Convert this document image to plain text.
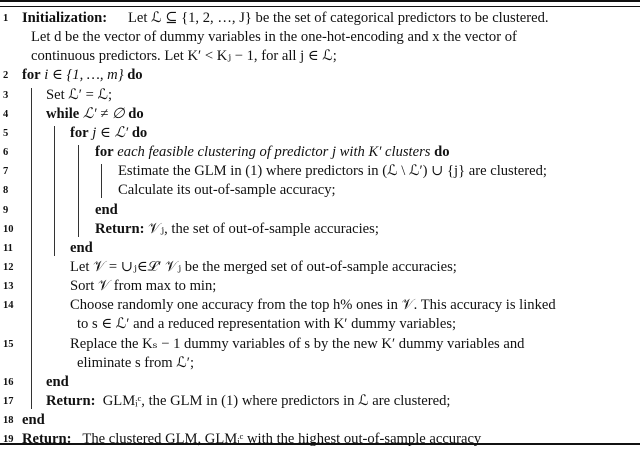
1 Initialization: Let ℒ ⊆ {1, 2, …, J} be the set of categorical predictors to be clustered.
Let d be the vector of dummy variables in the one-hot-encoding and x the vector of
continuous predictors. Let K′ < Kⱼ − 1, for all j ∈ ℒ;
2 for i ∈ {1, …, m} do
3	Set ℒ′ = ℒ;
4	while ℒ′ ≠ ∅ do
5	for j ∈ ℒ′ do
6	for each feasible clustering of predictor j with K′ clusters do
7	Estimate the GLM in (1) where predictors in (ℒ \ ℒ′) ∪ {j} are clustered;
8	Calculate its out-of-sample accuracy;
9	end
10	Return: 𝒱ⱼ, the set of out-of-sample accuracies;
11	end
12	Let 𝒱 = ∪ⱼ∈ℒ′ 𝒱ⱼ be the merged set of out-of-sample accuracies;
13	Sort 𝒱 from max to min;
14	Choose randomly one accuracy from the top h% ones in 𝒱. This accuracy is linked
to s ∈ ℒ′ and a reduced representation with K′ dummy variables;
15	Replace the Kₛ − 1 dummy variables of s by the new K′ dummy variables and
eliminate s from ℒ′;
16	end
17	Return: GLMᵢᶜ, the GLM in (1) where predictors in ℒ are clustered;
18 end
19 Return: The clustered GLM, GLMᵢᶜ with the highest out-of-sample accuracy
